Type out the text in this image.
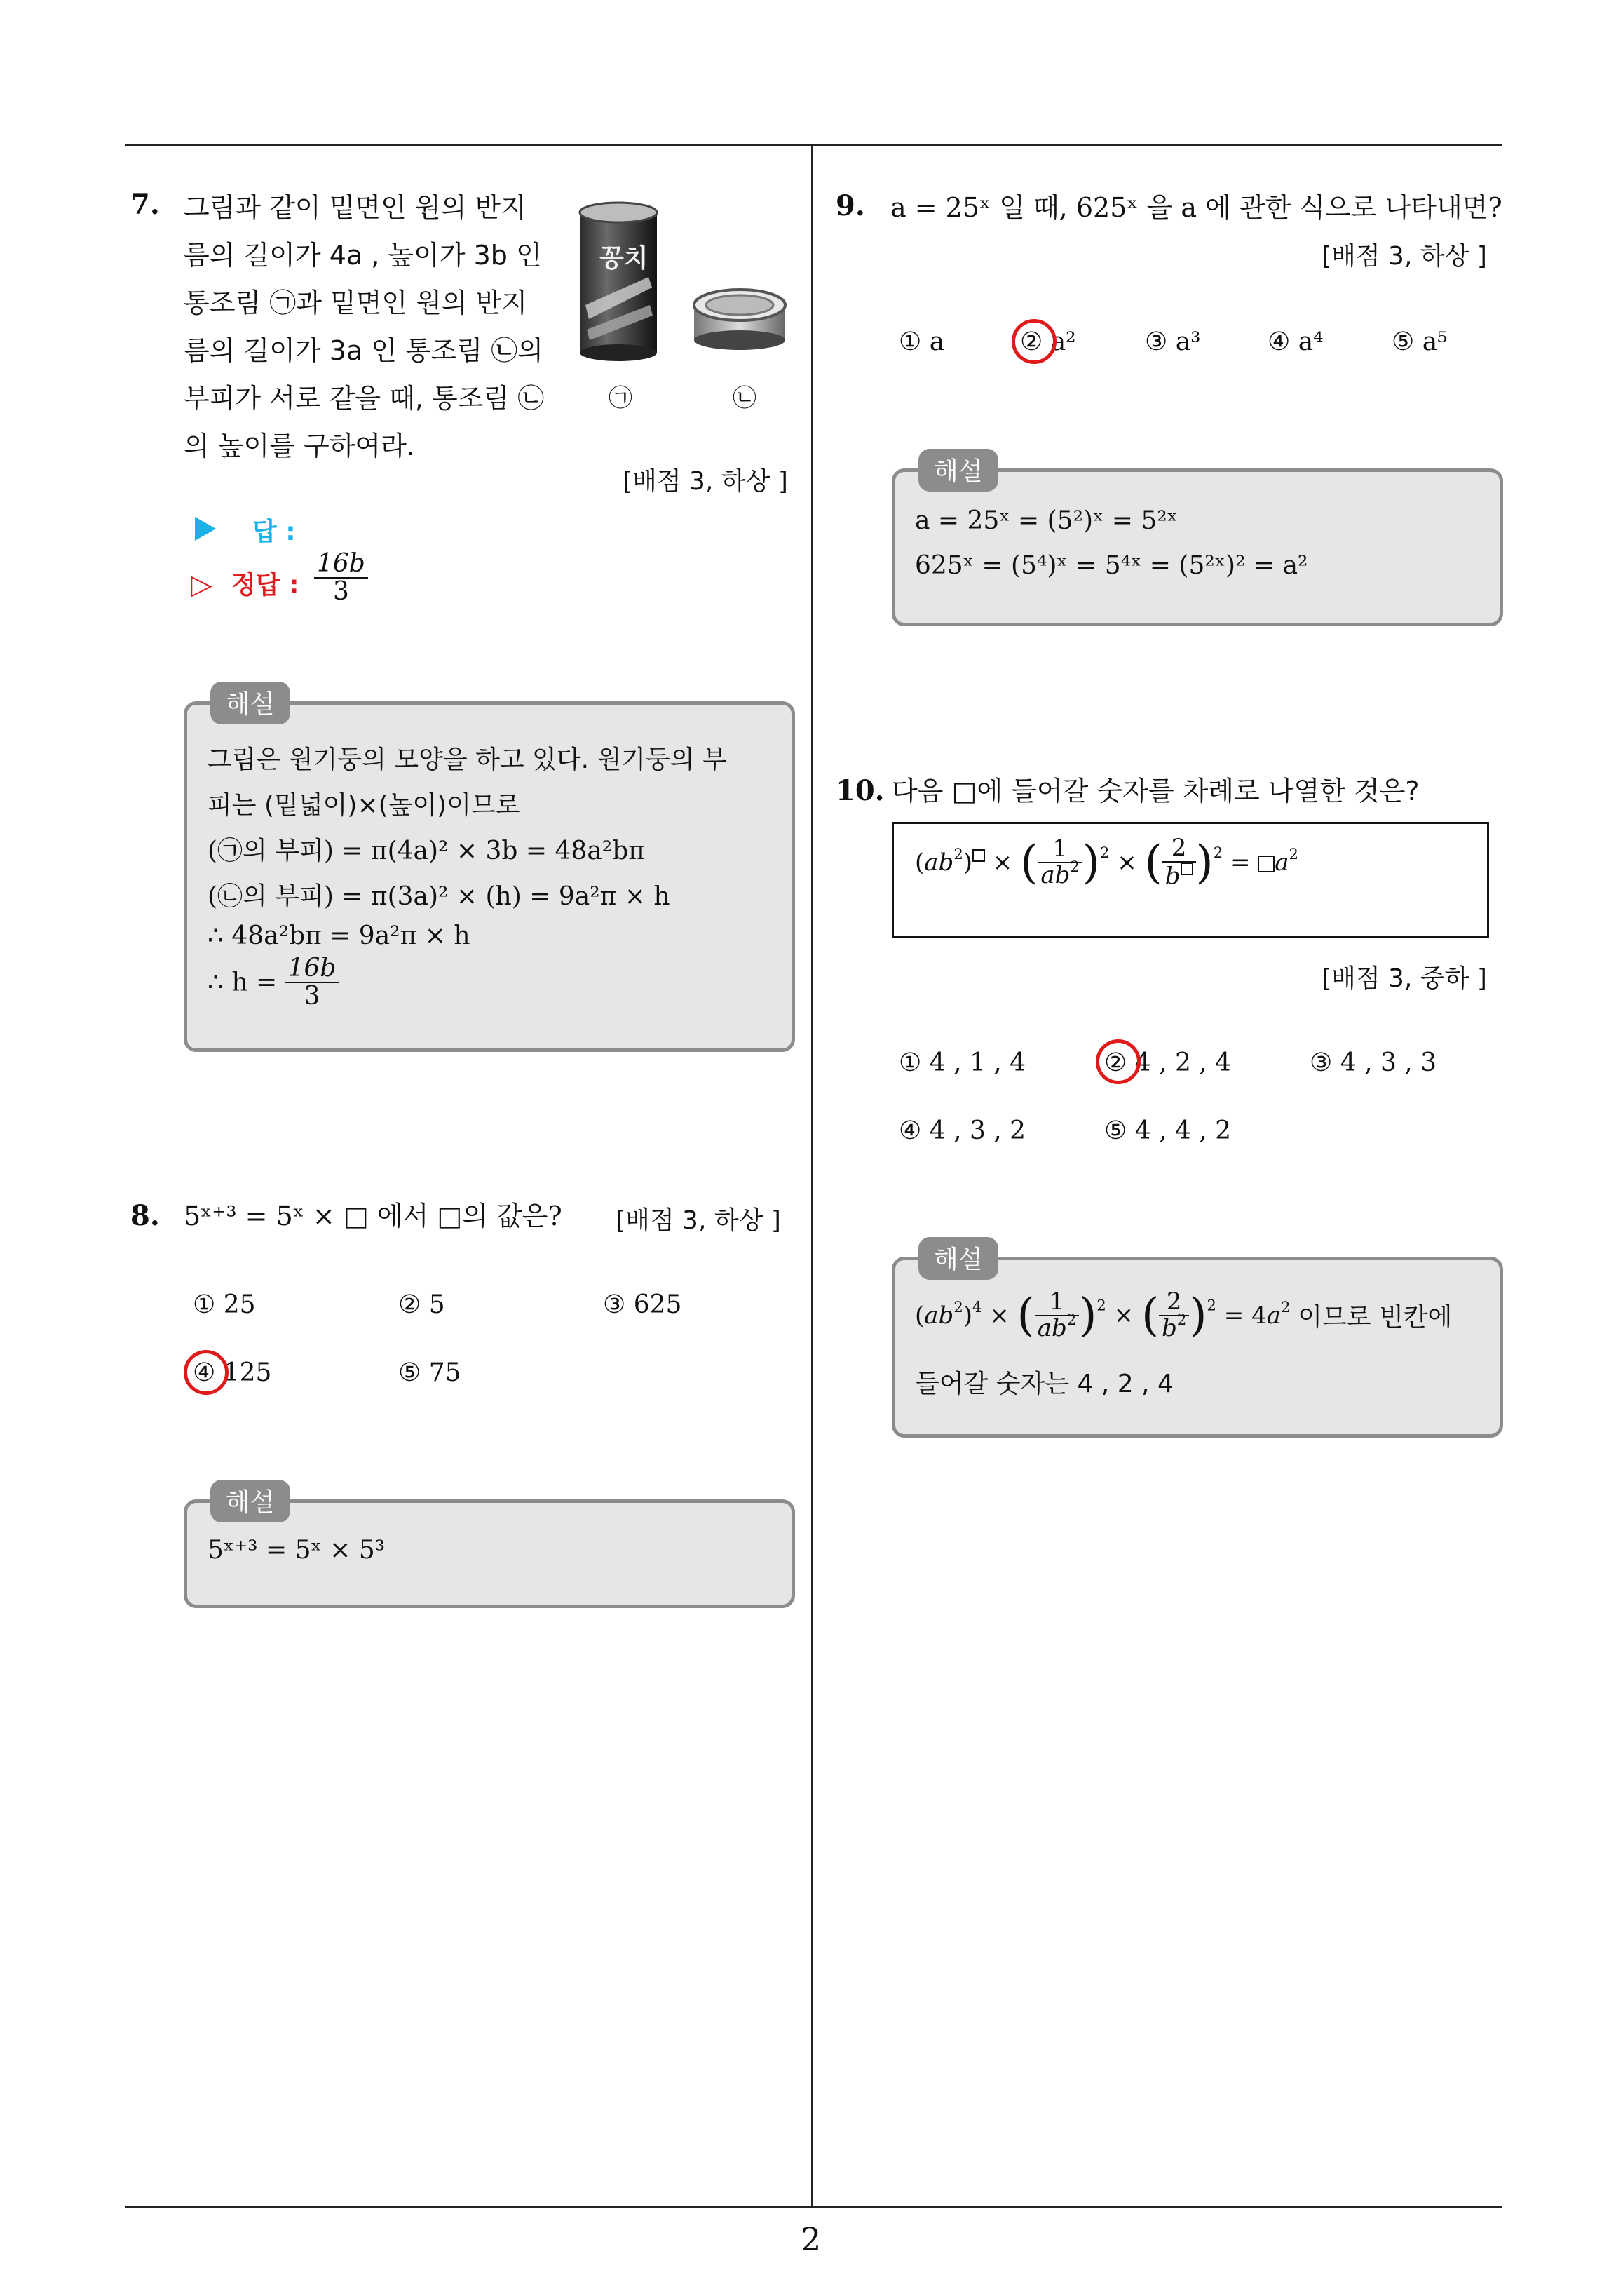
2
7. 그림과 같이 밑면인 원의 반지
름의 길이가 4a , 높이가 3b 인
통조림 ㉠과 밑면인 원의 반지
름의 길이가 3a 인 통조림 ㉡의
부피가 서로 같을 때, 통조림 ㉡
의 높이를 구하여라.
꽁치
㉠	㉡
[배점 3, 하상 ]
답 :
▷ 정답 : $\frac{16b}{3}$
해설
그림은 원기둥의 모양을 하고 있다. 원기둥의 부
피는 (밑넓이)×(높이)이므로
(㉠의 부피) = π(4a)² × 3b = 48a²bπ
(㉡의 부피) = π(3a)² × (h) = 9a²π × h
∴ 48a²bπ = 9a²π × h
∴ $h = \frac{16b}{3}$
8. 5ˣ⁺³ = 5ˣ × □ 에서 □의 값은? [배점 3, 하상 ]
① 25	② 5	③ 625
④ 125	⑤ 75
해설
5ˣ⁺³ = 5ˣ × 5³
9. a = 25ˣ 일 때, 625ˣ 을 a 에 관한 식으로 나타내면?
[배점 3, 하상 ]
① a	② a²	③ a³	④ a⁴	⑤ a⁵
해설
a = 25ˣ = (5²)ˣ = 5²ˣ
625ˣ = (5⁴)ˣ = 5⁴ˣ = (5²ˣ)² = a²
10. 다음 □에 들어갈 숫자를 차례로 나열한 것은?
$(ab^2)$ × ( $\frac{1}{ab^2} )^2$ × ( $\frac{2}{b} )^2 = a^2$
[배점 3, 중하 ]
① 4 , 1 , 4	② 4 , 2 , 4	③ 4 , 3 , 3
④ 4 , 3 , 2	⑤ 4 , 4 , 2
해설
$(ab^2)^4$ × ( $\frac{1}{ab^2} )^2$ × ( $\frac{2}{b^2} )^2 = 4a^2$ 이므로 빈칸에
들어갈 숫자는 4 , 2 , 4
